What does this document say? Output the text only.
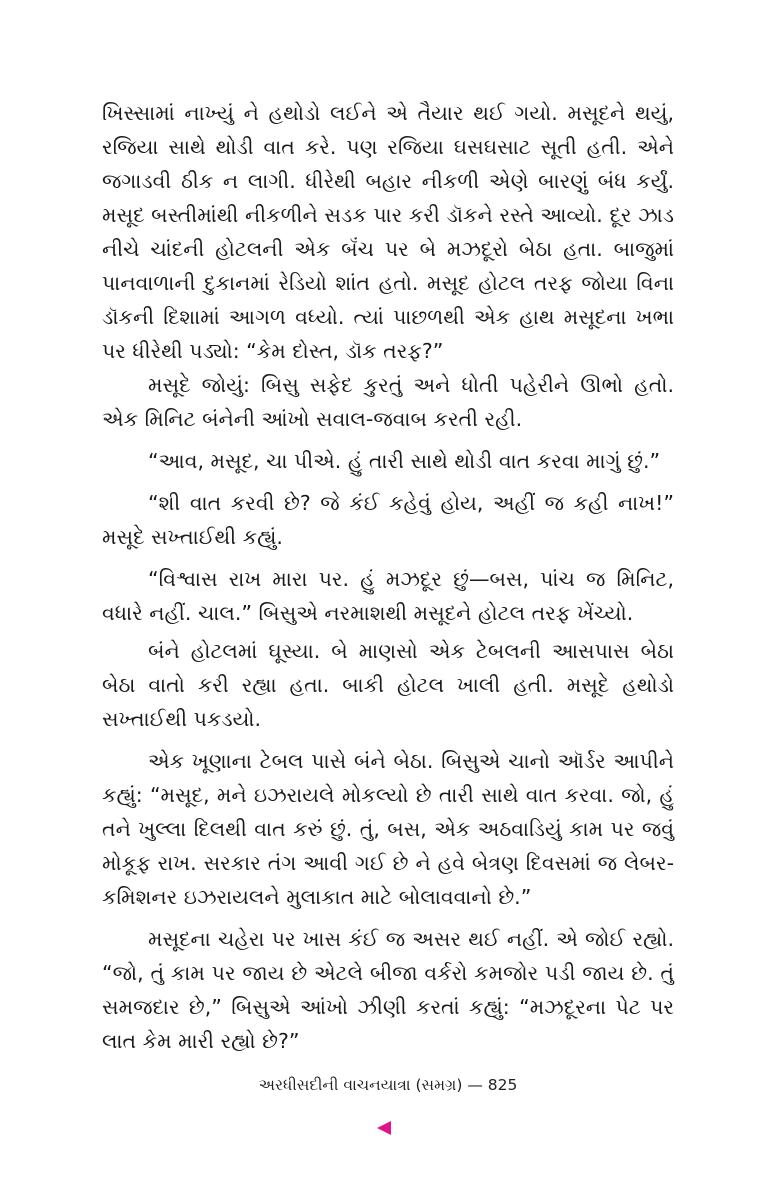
ખિસ્સામાં નાખ્યું ને હથોડો લઈને એ તૈયાર થઈ ગયો. મસૂદને થયું, રજિયા સાથે થોડી વાત કરે. પણ રજિયા ઘસઘસાટ સૂતી હતી. એને જગાડવી ઠીક ન લાગી. ધીરેથી બહાર નીકળી એણે બારણું બંધ કર્યું. મસૂદ બસ્તીમાંથી નીકળીને સડક પાર કરી ડૉકને રસ્તે આવ્યો. દૂર ઝાડ નીચે ચાંદની હોટલની એક બૅંચ પર બે મઝદૂરો બેઠા હતા. બાજુમાં પાનવાળાની દુકાનમાં રેડિયો શાંત હતો. મસૂદ હોટલ તરફ જોયા વિના ડૉકની દિશામાં આગળ વધ્યો. ત્યાં પાછળથી એક હાથ મસૂદના ખભા પર ધીરેથી પડ્યો: “કેમ દોસ્ત, ડૉક તરફ?”

મસૂદે જોયું: બિસુ સફેદ કુરતું અને ધોતી પહેરીને ઊભો હતો. એક મિનિટ બંનેની આંખો સવાલ-જવાબ કરતી રહી.

“આવ, મસૂદ, ચા પીએ. હું તારી સાથે થોડી વાત કરવા માગું છું.”

“શી વાત કરવી છે? જે કંઈ કહેવું હોય, અહીં જ કહી નાખ!” મસૂદે સખ્તાઈથી કહ્યું.

“વિશ્વાસ રાખ મારા પર. હું મઝદૂર છું—બસ, પાંચ જ મિનિટ, વધારે નહીં. ચાલ.” બિસુએ નરમાશથી મસૂદને હોટલ તરફ ખેંચ્યો.

બંને હોટલમાં ઘૂસ્યા. બે માણસો એક ટેબલની આસપાસ બેઠા બેઠા વાતો કરી રહ્યા હતા. બાકી હોટલ ખાલી હતી. મસૂદે હથોડો સખ્તાઈથી પકડયો.

એક ખૂણાના ટેબલ પાસે બંને બેઠા. બિસુએ ચાનો ઑર્ડર આપીને કહ્યું: “મસૂદ, મને ઇઝરાયલે મોકલ્યો છે તારી સાથે વાત કરવા. જો, હું તને ખુલ્લા દિલથી વાત કરું છું. તું, બસ, એક અઠવાડિયું કામ પર જવું મોકૂફ રાખ. સરકાર તંગ આવી ગઈ છે ને હવે બેત્રણ દિવસમાં જ લેબર-કમિશનર ઇઝરાયલને મુલાકાત માટે બોલાવવાનો છે.”

મસૂદના ચહેરા પર ખાસ કંઈ જ અસર થઈ નહીં. એ જોઈ રહ્યો. “જો, તું કામ પર જાય છે એટલે બીજા વર્કરો કમજોર પડી જાય છે. તું સમજદાર છે,” બિસુએ આંખો ઝીણી કરતાં કહ્યું: “મઝદૂરના પેટ પર લાત કેમ મારી રહ્યો છે?”

અરધીસદીની વાચનયાત્રા (સમગ્ર) — 825
